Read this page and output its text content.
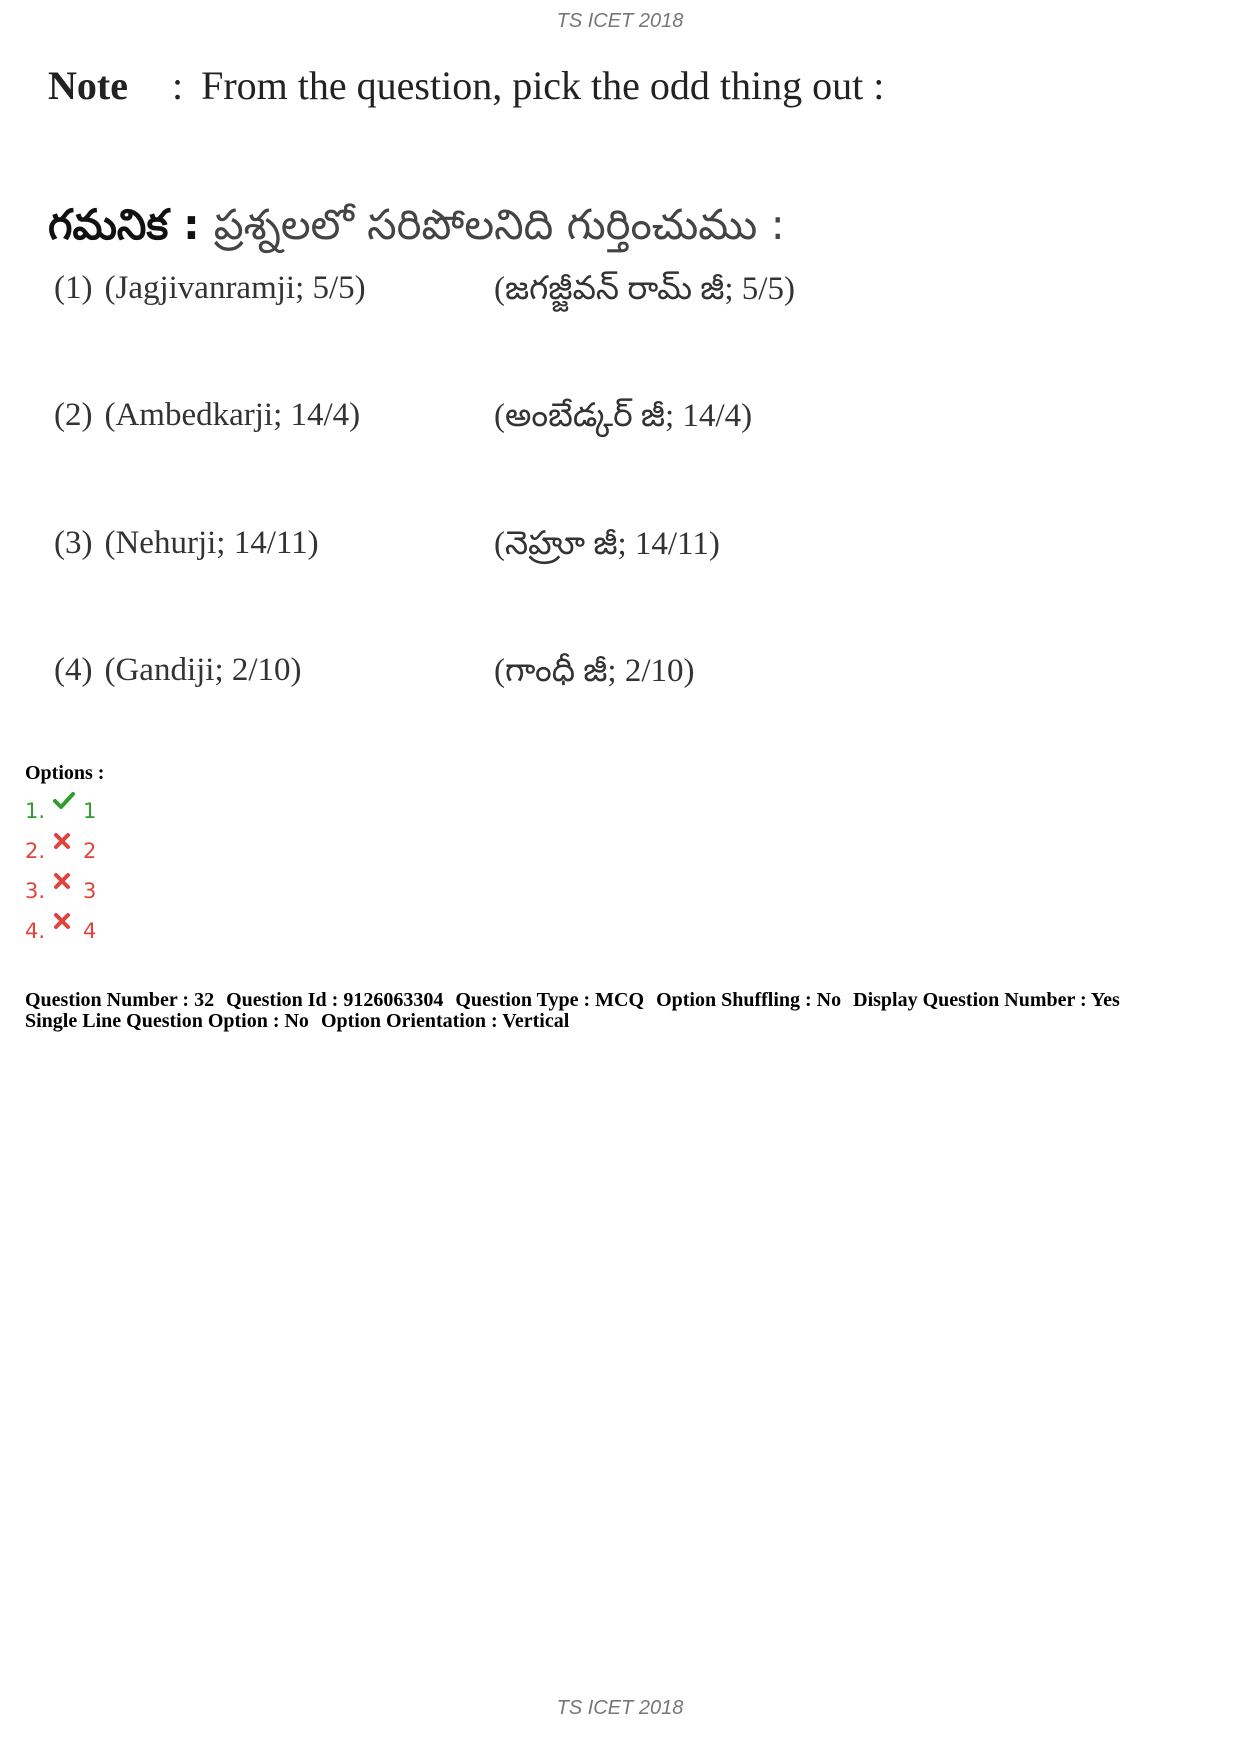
TS ICET 2018
Note : From the question, pick the odd thing out :
గమనిక : ప్రశ్నలలో సరిపోలనిది గుర్తించుము :
(1) (Jagjivanramji; 5/5)	(జగజ్జీవన్ రామ్ జీ; 5/5)
(2) (Ambedkarji; 14/4)	(అంబేడ్కర్ జీ; 14/4)
(3) (Nehurji; 14/11)	(నెహ్రూ జీ; 14/11)
(4) (Gandiji; 2/10)	(గాంధీ జీ; 2/10)
Options :
1. 1
2. 2
3. 3
4. 4
Question Number : 32 Question Id : 9126063304 Question Type : MCQ Option Shuffling : No Display Question Number : Yes
Single Line Question Option : No Option Orientation : Vertical
TS ICET 2018
